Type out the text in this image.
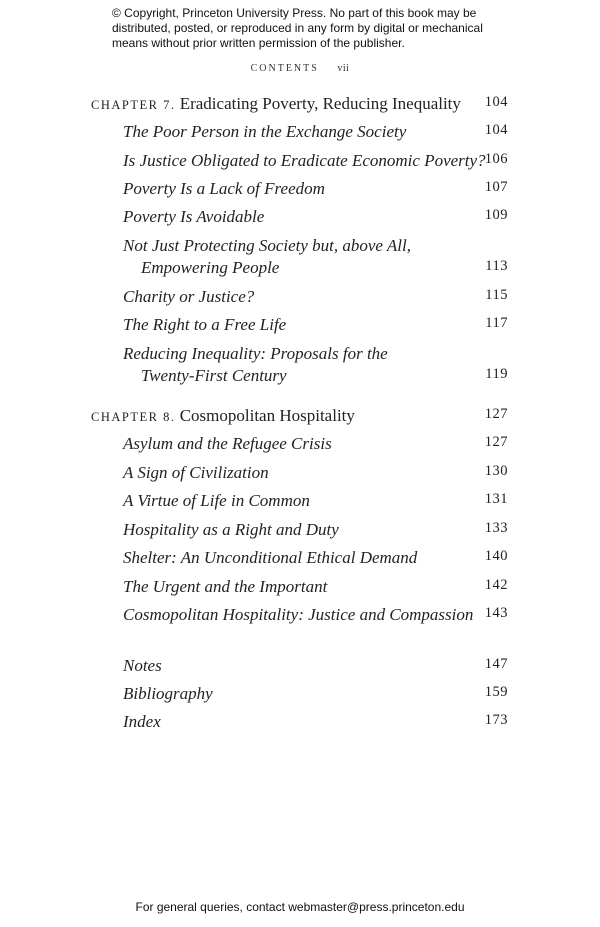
© Copyright, Princeton University Press. No part of this book may be distributed, posted, or reproduced in any form by digital or mechanical means without prior written permission of the publisher.
CONTENTS vii
CHAPTER 7. Eradicating Poverty, Reducing Inequality 104
The Poor Person in the Exchange Society	104
Is Justice Obligated to Eradicate Economic Poverty? 106
Poverty Is a Lack of Freedom	107
Poverty Is Avoidable	109
Not Just Protecting Society but, above All,
Empowering People	113
Charity or Justice?	115
The Right to a Free Life	117
Reducing Inequality: Proposals for the
Twenty-First Century	119
CHAPTER 8. Cosmopolitan Hospitality	127
Asylum and the Refugee Crisis	127
A Sign of Civilization	130
A Virtue of Life in Common	131
Hospitality as a Right and Duty	133
Shelter: An Unconditional Ethical Demand	140
The Urgent and the Important	142
Cosmopolitan Hospitality: Justice and Compassion 143
Notes	147
Bibliography	159
Index	173
For general queries, contact webmaster@press.princeton.edu
